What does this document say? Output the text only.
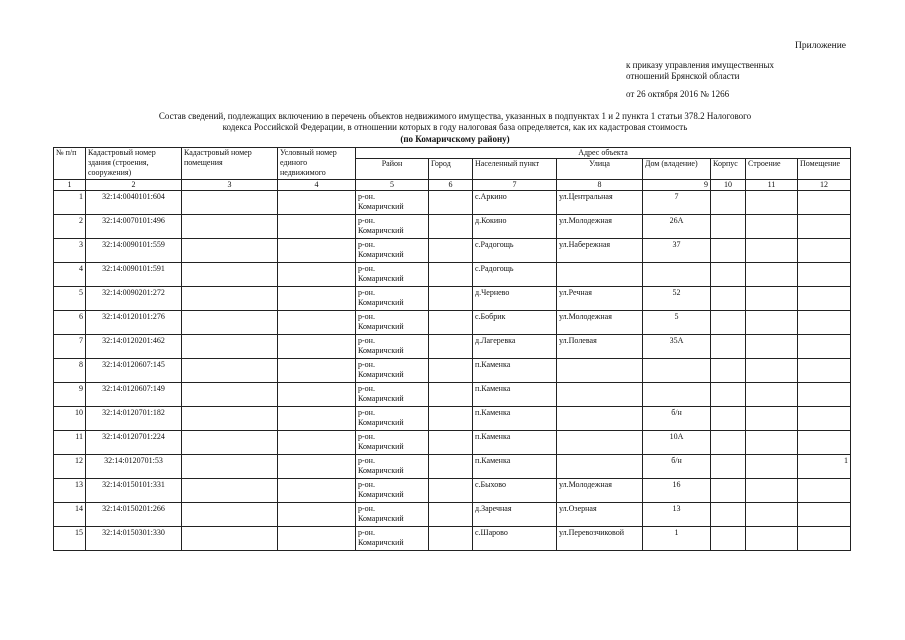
Приложение
к приказу управления имущественных
отношений Брянской области
от 26 октября 2016 № 1266
Состав сведений, подлежащих включению в перечень объектов недвижимого имущества, указанных в подпунктах 1 и 2 пункта 1 статьи 378.2 Налогового
кодекса Российской Федерации, в отношении которых в году налоговая база определяется, как их кадастровая стоимость
(по Комаричскому району)
№ п/п	Кадастровый номер здания (строения, сооружения)	Кадастровый номер помещения	Условный номер единого недвижимого	Адрес объекта							
				Район	Город	Населенный пункт	Улица	Дом (владение)	Корпус	Строение	Помещение
1	2	3	4	5	6	7	8	9	10	11	12
1	32:14:0040101:604			р-он.
Комаричский		с.Аркино	ул.Центральная	7			
2	32:14:0070101:496			р-он.
Комаричский		д.Кокино	ул.Молодежная	26А			
3	32:14:0090101:559			р-он.
Комаричский		с.Радогощь	ул.Набережная	37			
4	32:14:0090101:591			р-он.
Комаричский		с.Радогощь					
5	32:14:0090201:272			р-он.
Комаричский		д.Чернево	ул.Речная	52			
6	32:14:0120101:276			р-он.
Комаричский		с.Бобрик	ул.Молодежная	5			
7	32:14:0120201:462			р-он.
Комаричский		д.Лагеревка	ул.Полевая	35А			
8	32:14:0120607:145			р-он.
Комаричский		п.Каменка					
9	32:14:0120607:149			р-он.
Комаричский		п.Каменка					
10	32:14:0120701:182			р-он.
Комаричский		п.Каменка		б/н			
11	32:14:0120701:224			р-он.
Комаричский		п.Каменка		10А			
12	32:14:0120701:53			р-он.
Комаричский		п.Каменка		б/н			1
13	32:14:0150101:331			р-он.
Комаричский		с.Быхово	ул.Молодежная	16			
14	32:14:0150201:266			р-он.
Комаричский		д.Заречная	ул.Озерная	13			
15	32:14:0150301:330			р-он.
Комаричский		с.Шарово	ул.Перевозчиковой	1			
